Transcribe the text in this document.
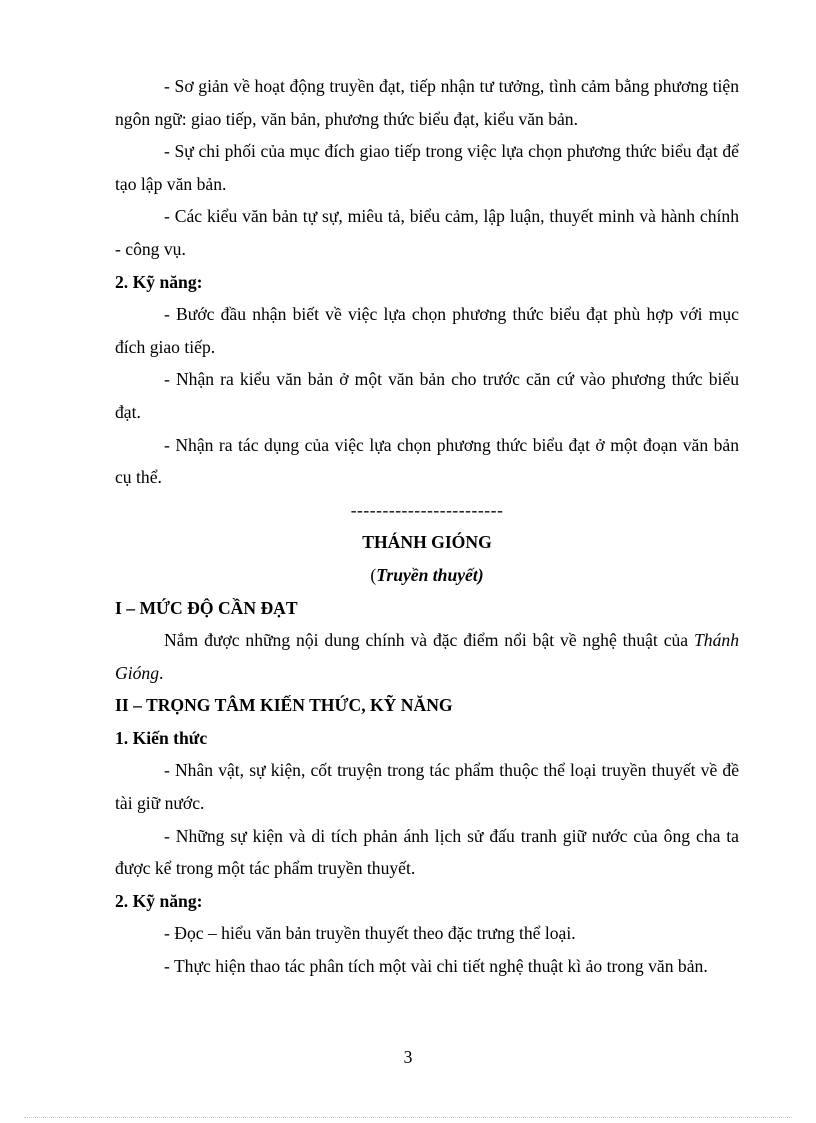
- Sơ giản về hoạt động truyền đạt, tiếp nhận tư tưởng, tình cảm bằng phương tiện ngôn ngữ: giao tiếp, văn bản, phương thức biểu đạt, kiểu văn bản.

- Sự chi phối của mục đích giao tiếp trong việc lựa chọn phương thức biểu đạt để tạo lập văn bản.

- Các kiểu văn bản tự sự, miêu tả, biểu cảm, lập luận, thuyết minh và hành chính - công vụ.

2. Kỹ năng:

- Bước đầu nhận biết về việc lựa chọn phương thức biểu đạt phù hợp với mục đích giao tiếp.

- Nhận ra kiểu văn bản ở một văn bản cho trước căn cứ vào phương thức biểu đạt.

- Nhận ra tác dụng của việc lựa chọn phương thức biểu đạt ở một đoạn văn bản cụ thể.

------------------------

THÁNH GIÓNG

(Truyền thuyết)

I – MỨC ĐỘ CẦN ĐẠT

Nắm được những nội dung chính và đặc điểm nổi bật về nghệ thuật của Thánh Gióng.

II – TRỌNG TÂM KIẾN THỨC, KỸ NĂNG

1. Kiến thức

- Nhân vật, sự kiện, cốt truyện trong tác phẩm thuộc thể loại truyền thuyết về đề tài giữ nước.

- Những sự kiện và di tích phản ánh lịch sử đấu tranh giữ nước của ông cha ta được kể trong một tác phẩm truyền thuyết.

2. Kỹ năng:

- Đọc – hiểu văn bản truyền thuyết theo đặc trưng thể loại.

- Thực hiện thao tác phân tích một vài chi tiết nghệ thuật kì ảo trong văn bản.

3
